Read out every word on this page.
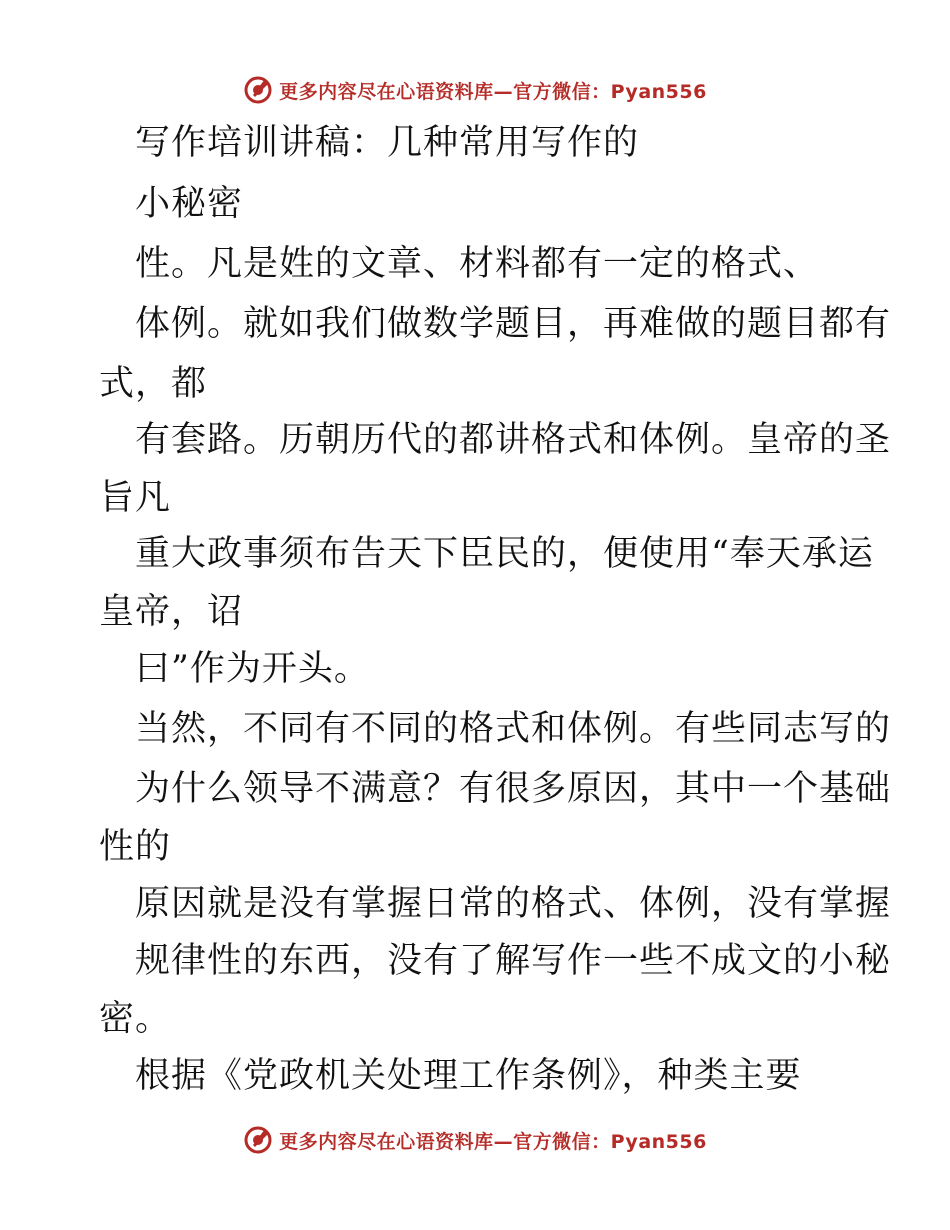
更多内容尽在心语资料库—官方微信：Pyan556
写作培训讲稿：几种常用写作的
小秘密
性。凡是姓的文章、材料都有一定的格式、
体例。就如我们做数学题目，再难做的题目都有
式，都
有套路。历朝历代的都讲格式和体例。皇帝的圣
旨凡
重大政事须布告天下臣民的，便使用“奉天承运
皇帝，诏
曰”作为开头。
当然，不同有不同的格式和体例。有些同志写的
为什么领导不满意？有很多原因，其中一个基础
性的
原因就是没有掌握日常的格式、体例，没有掌握
规律性的东西，没有了解写作一些不成文的小秘
密。
根据《党政机关处理工作条例》，种类主要
更多内容尽在心语资料库—官方微信：Pyan556
